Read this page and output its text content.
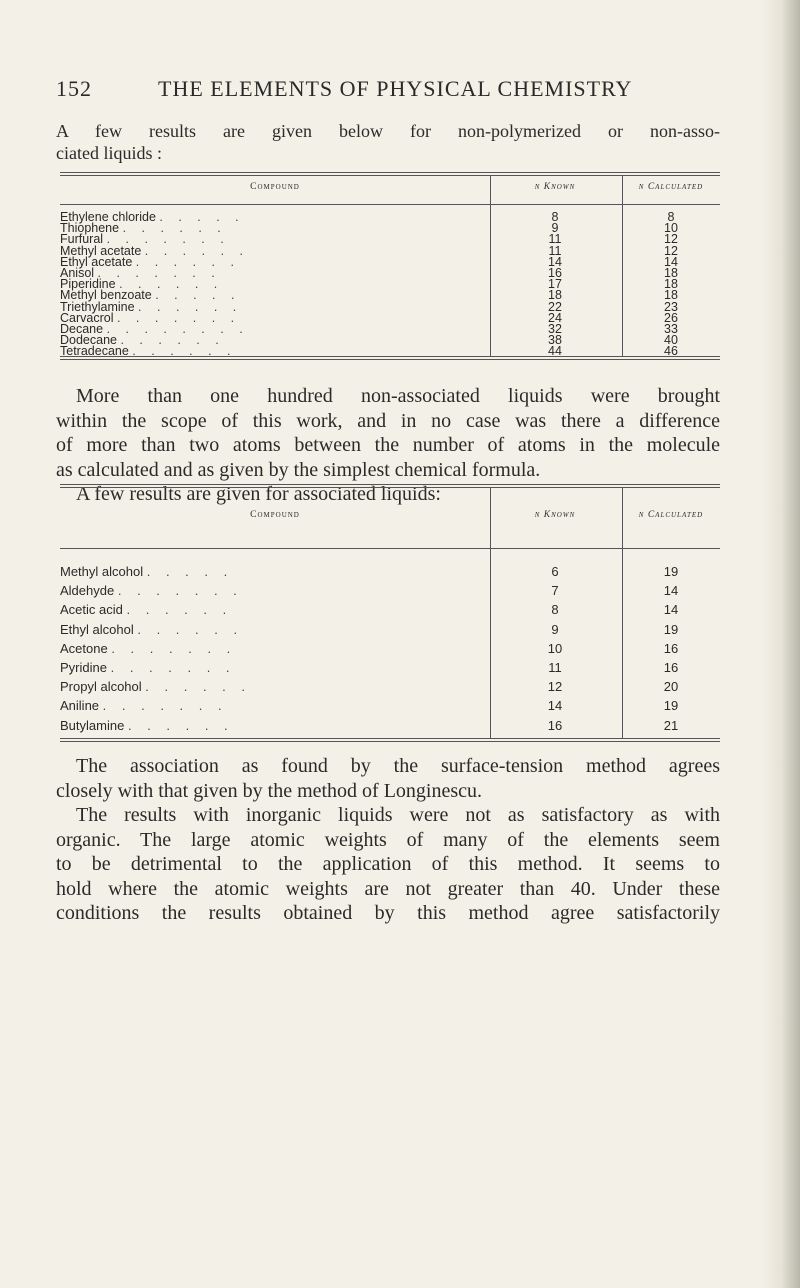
152	THE ELEMENTS OF PHYSICAL CHEMISTRY
A few results are given below for non-polymerized or non-asso-
ciated liquids :
Compound	n Known	n Calculated
Ethylene chloride . . . . .	8	8
Thiophene . . . . . .	9	10
Furfural . . . . . . .	11	12
Methyl acetate . . . . . .	11	12
Ethyl acetate . . . . . .	14	14
Anisol . . . . . . .	16	18
Piperidine . . . . . .	17	18
Methyl benzoate . . . . .	18	18
Triethylamine . . . . . .	22	23
Carvacrol . . . . . . .	24	26
Decane . . . . . . . .	32	33
Dodecane . . . . . .	38	40
Tetradecane . . . . . .	44	46
More than one hundred non-associated liquids were brought
within the scope of this work, and in no case was there a difference
of more than two atoms between the number of atoms in the molecule
as calculated and as given by the simplest chemical formula.
A few results are given for associated liquids:
Compound	n Known	n Calculated
Methyl alcohol . . . . .	6	19
Aldehyde . . . . . . .	7	14
Acetic acid . . . . . .	8	14
Ethyl alcohol . . . . . .	9	19
Acetone . . . . . . .	10	16
Pyridine . . . . . . .	11	16
Propyl alcohol . . . . . .	12	20
Aniline . . . . . . .	14	19
Butylamine . . . . . .	16	21
The association as found by the surface-tension method agrees
closely with that given by the method of Longinescu.
The results with inorganic liquids were not as satisfactory as with
organic. The large atomic weights of many of the elements seem
to be detrimental to the application of this method. It seems to
hold where the atomic weights are not greater than 40. Under these
conditions the results obtained by this method agree satisfactorily
